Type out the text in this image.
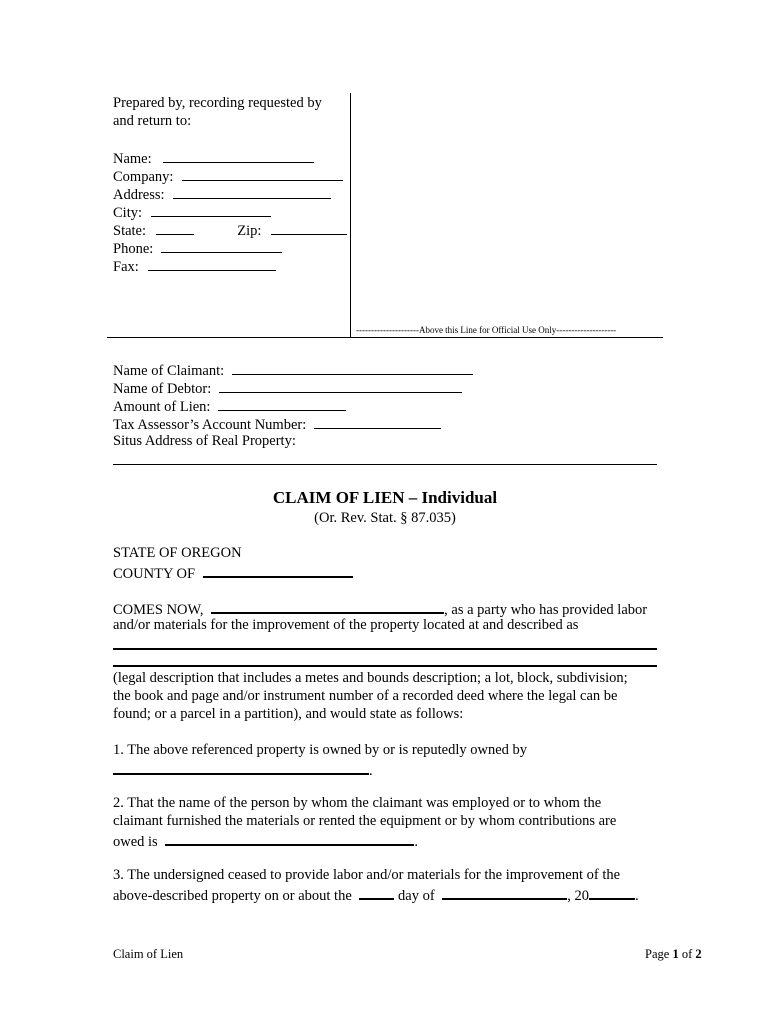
Prepared by, recording requested by
and return to:
Name:
Company:
Address:
City:
State:	Zip:
Phone:
Fax:
---------------------Above this Line for Official Use Only--------------------
Name of Claimant:
Name of Debtor:
Amount of Lien:
Tax Assessor’s Account Number:
Situs Address of Real Property:
CLAIM OF LIEN – Individual
(Or. Rev. Stat. § 87.035)
STATE OF OREGON
COUNTY OF
COMES NOW,	, as a party who has provided labor
and/or materials for the improvement of the property located at and described as
(legal description that includes a metes and bounds description; a lot, block, subdivision;
the book and page and/or instrument number of a recorded deed where the legal can be
found; or a parcel in a partition), and would state as follows:
1. The above referenced property is owned by or is reputedly owned by
.
2. That the name of the person by whom the claimant was employed or to whom the
claimant furnished the materials or rented the equipment or by whom contributions are
owed is	.
3. The undersigned ceased to provide labor and/or materials for the improvement of the
above-described property on or about the	day of	, 20	.
Claim of Lien	Page 1 of 2
